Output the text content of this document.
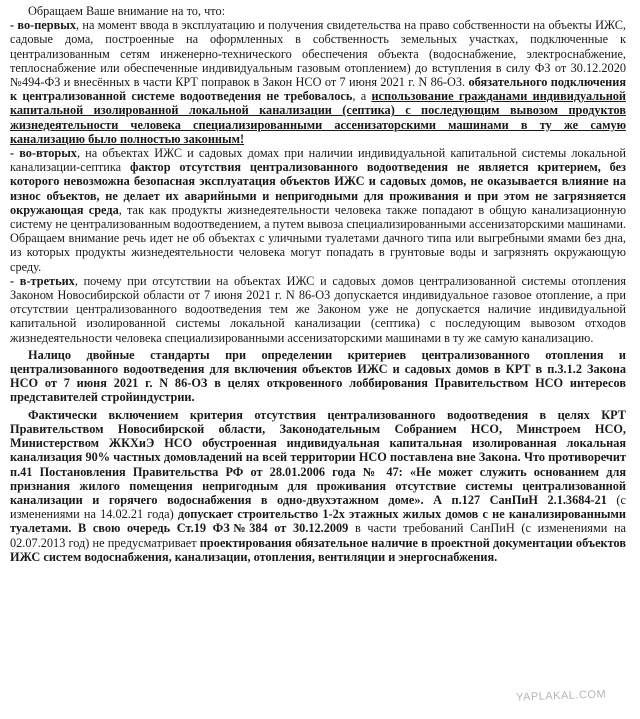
Обращаем Ваше внимание на то, что:

- во-первых, на момент ввода в эксплуатацию и получения свидетельства на право собственности на объекты ИЖС, садовые дома, построенные на оформленных в собственность земельных участках, подключенные к централизованным сетям инженерно-технического обеспечения объекта (водоснабжение, электроснабжение, теплоснабжение или обеспеченные индивидуальным газовым отоплением) до вступления в силу ФЗ от 30.12.2020 №494-ФЗ и внесённых в части КРТ поправок в Закон НСО от 7 июня 2021 г. N 86-ОЗ. обязательного подключения к централизованной системе водоотведения не требовалось, а использование гражданами индивидуальной капитальной изолированной локальной канализации (септика) с последующим вывозом продуктов жизнедеятельности человека специализированными ассенизаторскими машинами в ту же самую канализацию было полностью законным!

- во-вторых, на объектах ИЖС и садовых домах при наличии индивидуальной капитальной системы локальной канализации-септика фактор отсутствия централизованного водоотведения не является критерием, без которого невозможна безопасная эксплуатация объектов ИЖС и садовых домов, не оказывается влияние на износ объектов, не делает их аварийными и непригодными для проживания и при этом не загрязняется окружающая среда, так как продукты жизнедеятельности человека также попадают в общую канализационную систему не централизованным водоотведением, а путем вывоза специализированными ассенизаторскими машинами. Обращаем внимание речь идет не об объектах с уличными туалетами дачного типа или выгребными ямами без дна, из которых продукты жизнедеятельности человека могут попадать в грунтовые воды и загрязнять окружающую среду.

- в-третьих, почему при отсутствии на объектах ИЖС и садовых домов централизованной системы отопления Законом Новосибирской области от 7 июня 2021 г. N 86-ОЗ допускается индивидуальное газовое отопление, а при отсутствии централизованного водоотведения тем же Законом уже не допускается наличие индивидуальной капитальной изолированной системы локальной канализации (септика) с последующим вывозом отходов жизнедеятельности человека специализированными ассенизаторскими машинами в ту же самую канализацию.

Налицо двойные стандарты при определении критериев централизованного отопления и централизованного водоотведения для включения объектов ИЖС и садовых домов в КРТ в п.3.1.2 Закона НСО от 7 июня 2021 г. N 86-ОЗ в целях откровенного лоббирования Правительством НСО интересов представителей стройиндустрии.

Фактически включением критерия отсутствия централизованного водоотведения в целях КРТ Правительством Новосибирской области, Законодательным Собранием НСО, Минстроем НСО, Министерством ЖКХиЭ НСО обустроенная индивидуальная капитальная изолированная локальная канализация 90% частных домовладений на всей территории НСО поставлена вне Закона. Что противоречит п.41 Постановления Правительства РФ от 28.01.2006 года № 47: «Не может служить основанием для признания жилого помещения непригодным для проживания отсутствие системы централизованной канализации и горячего водоснабжения в одно-двухэтажном доме». А п.127 СанПиН 2.1.3684-21 (с изменениями на 14.02.21 года) допускает строительство 1-2х этажных жилых домов с не канализированными туалетами. В свою очередь Ст.19 ФЗ№384 от 30.12.2009 в части требований СанПиН (с изменениями на 02.07.2013 год) не предусматривает проектирования обязательное наличие в проектной документации объектов ИЖС систем водоснабжения, канализации, отопления, вентиляции и энергоснабжения.

YAPLAKAL.COM
